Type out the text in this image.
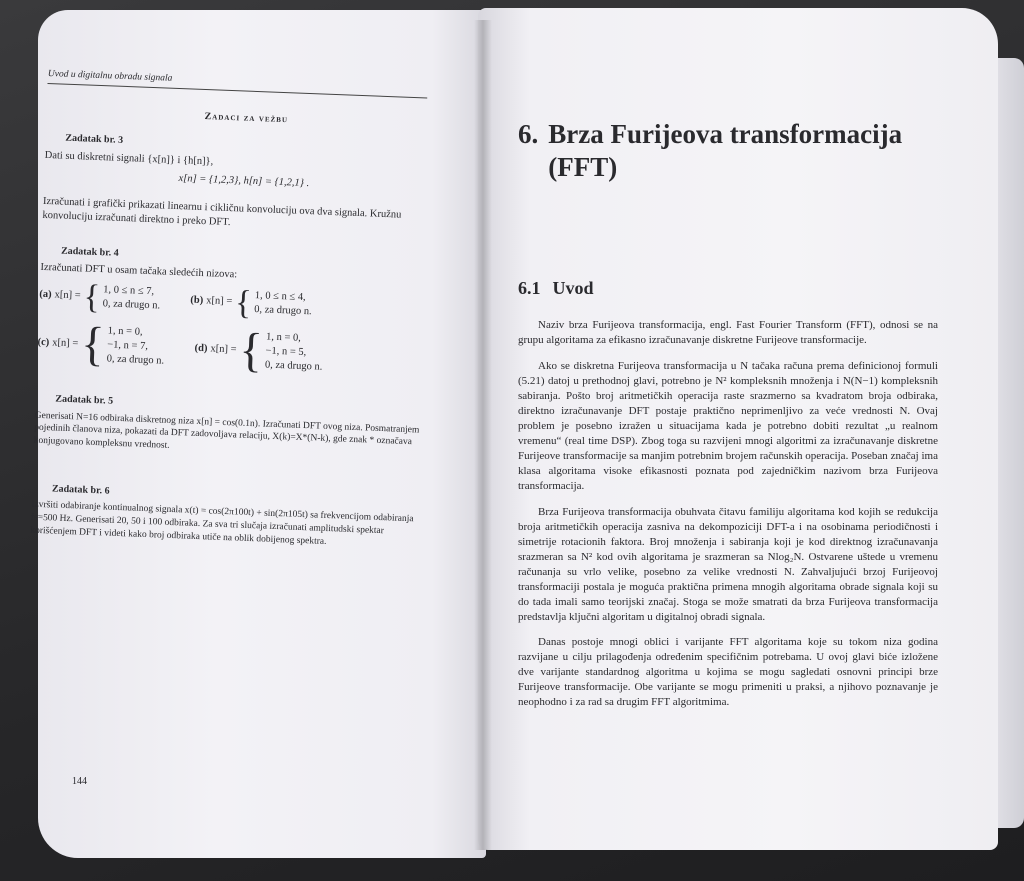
Uvod u digitalnu obradu signala
Zadaci za vežbu
Zadatak br. 3
Dati su diskretni signali {x[n]} i {h[n]},
x[n] = {1,2,3}, h[n] = {1,2,1} .
Izračunati i grafički prikazati linearnu i cikličnu konvoluciju ova dva signala. Kružnu konvoluciju izračunati direktno i preko DFT.
Zadatak br. 4
Izračunati DFT u osam tačaka sledećih nizova:
(a) x[n] = { 1, 0 ≤ n ≤ 7,
0, za drugo n.	(b) x[n] = { 1, 0 ≤ n ≤ 4,
0, za drugo n.
(c) x[n] = { 1, n = 0,
−1, n = 7,
0, za drugo n.
(d) x[n] = { 1, n = 0,
−1, n = 5,
0, za drugo n.
Zadatak br. 5
Generisati N=16 odbiraka diskretnog niza x[n] = cos(0.1n). Izračunati DFT ovog niza. Posmatranjem pojedinih članova niza, pokazati da DFT zadovoljava relaciju, X(k)=X*(N-k), gde znak * označava konjugovano kompleksnu vrednost.
Zadatak br. 6
Izvršiti odabiranje kontinualnog signala x(t) = cos(2π100t) + sin(2π105t) sa frekvencijom odabiranja fs=500 Hz. Generisati 20, 50 i 100 odbiraka. Za sva tri slučaja izračunati amplitudski spektar korišćenjem DFT i videti kako broj odbiraka utiče na oblik dobijenog spektra.
144
6. Brza Furijeova transformacija
(FFT)
6.1 Uvod

Naziv brza Furijeova transformacija, engl. Fast Fourier Transform (FFT), odnosi se na grupu algoritama za efikasno izračunavanje diskretne Furijeove transformacije.

Ako se diskretna Furijeova transformacija u N tačaka računa prema definicionoj formuli (5.21) datoj u prethodnoj glavi, potrebno je N² kompleksnih množenja i N(N−1) kompleksnih sabiranja. Pošto broj aritmetičkih operacija raste srazmerno sa kvadratom broja odbiraka, direktno izračunavanje DFT postaje praktično neprimenljivo za veće vrednosti N. Ovaj problem je posebno izražen u situacijama kada je potrebno dobiti rezultat „u realnom vremenu“ (real time DSP). Zbog toga su razvijeni mnogi algoritmi za izračunavanje diskretne Furijeove transformacije sa manjim potrebnim brojem računskih operacija. Poseban značaj ima klasa algoritama visoke efikasnosti poznata pod zajedničkim nazivom brza Furijeova transformacija.

Brza Furijeova transformacija obuhvata čitavu familiju algoritama kod kojih se redukcija broja aritmetičkih operacija zasniva na dekompoziciji DFT-a i na osobinama periodičnosti i simetrije rotacionih faktora. Broj množenja i sabiranja koji je kod direktnog izračunavanja srazmeran sa N² kod ovih algoritama je srazmeran sa Nlog₂N. Ostvarene uštede u vremenu računanja su vrlo velike, posebno za velike vrednosti N. Zahvaljujući brzoj Furijeovoj transformaciji postala je moguća praktična primena mnogih algoritama obrade signala koji su do tada imali samo teorijski značaj. Stoga se može smatrati da brza Furijeova transformacija predstavlja ključni algoritam u digitalnoj obradi signala.

Danas postoje mnogi oblici i varijante FFT algoritama koje su tokom niza godina razvijane u cilju prilagođenja određenim specifičnim potrebama. U ovoj glavi biće izložene dve varijante standardnog algoritma u kojima se mogu sagledati osnovni principi brze Furijeove transformacije. Obe varijante se mogu primeniti u praksi, a njihovo poznavanje je neophodno i za rad sa drugim FFT algoritmima.
